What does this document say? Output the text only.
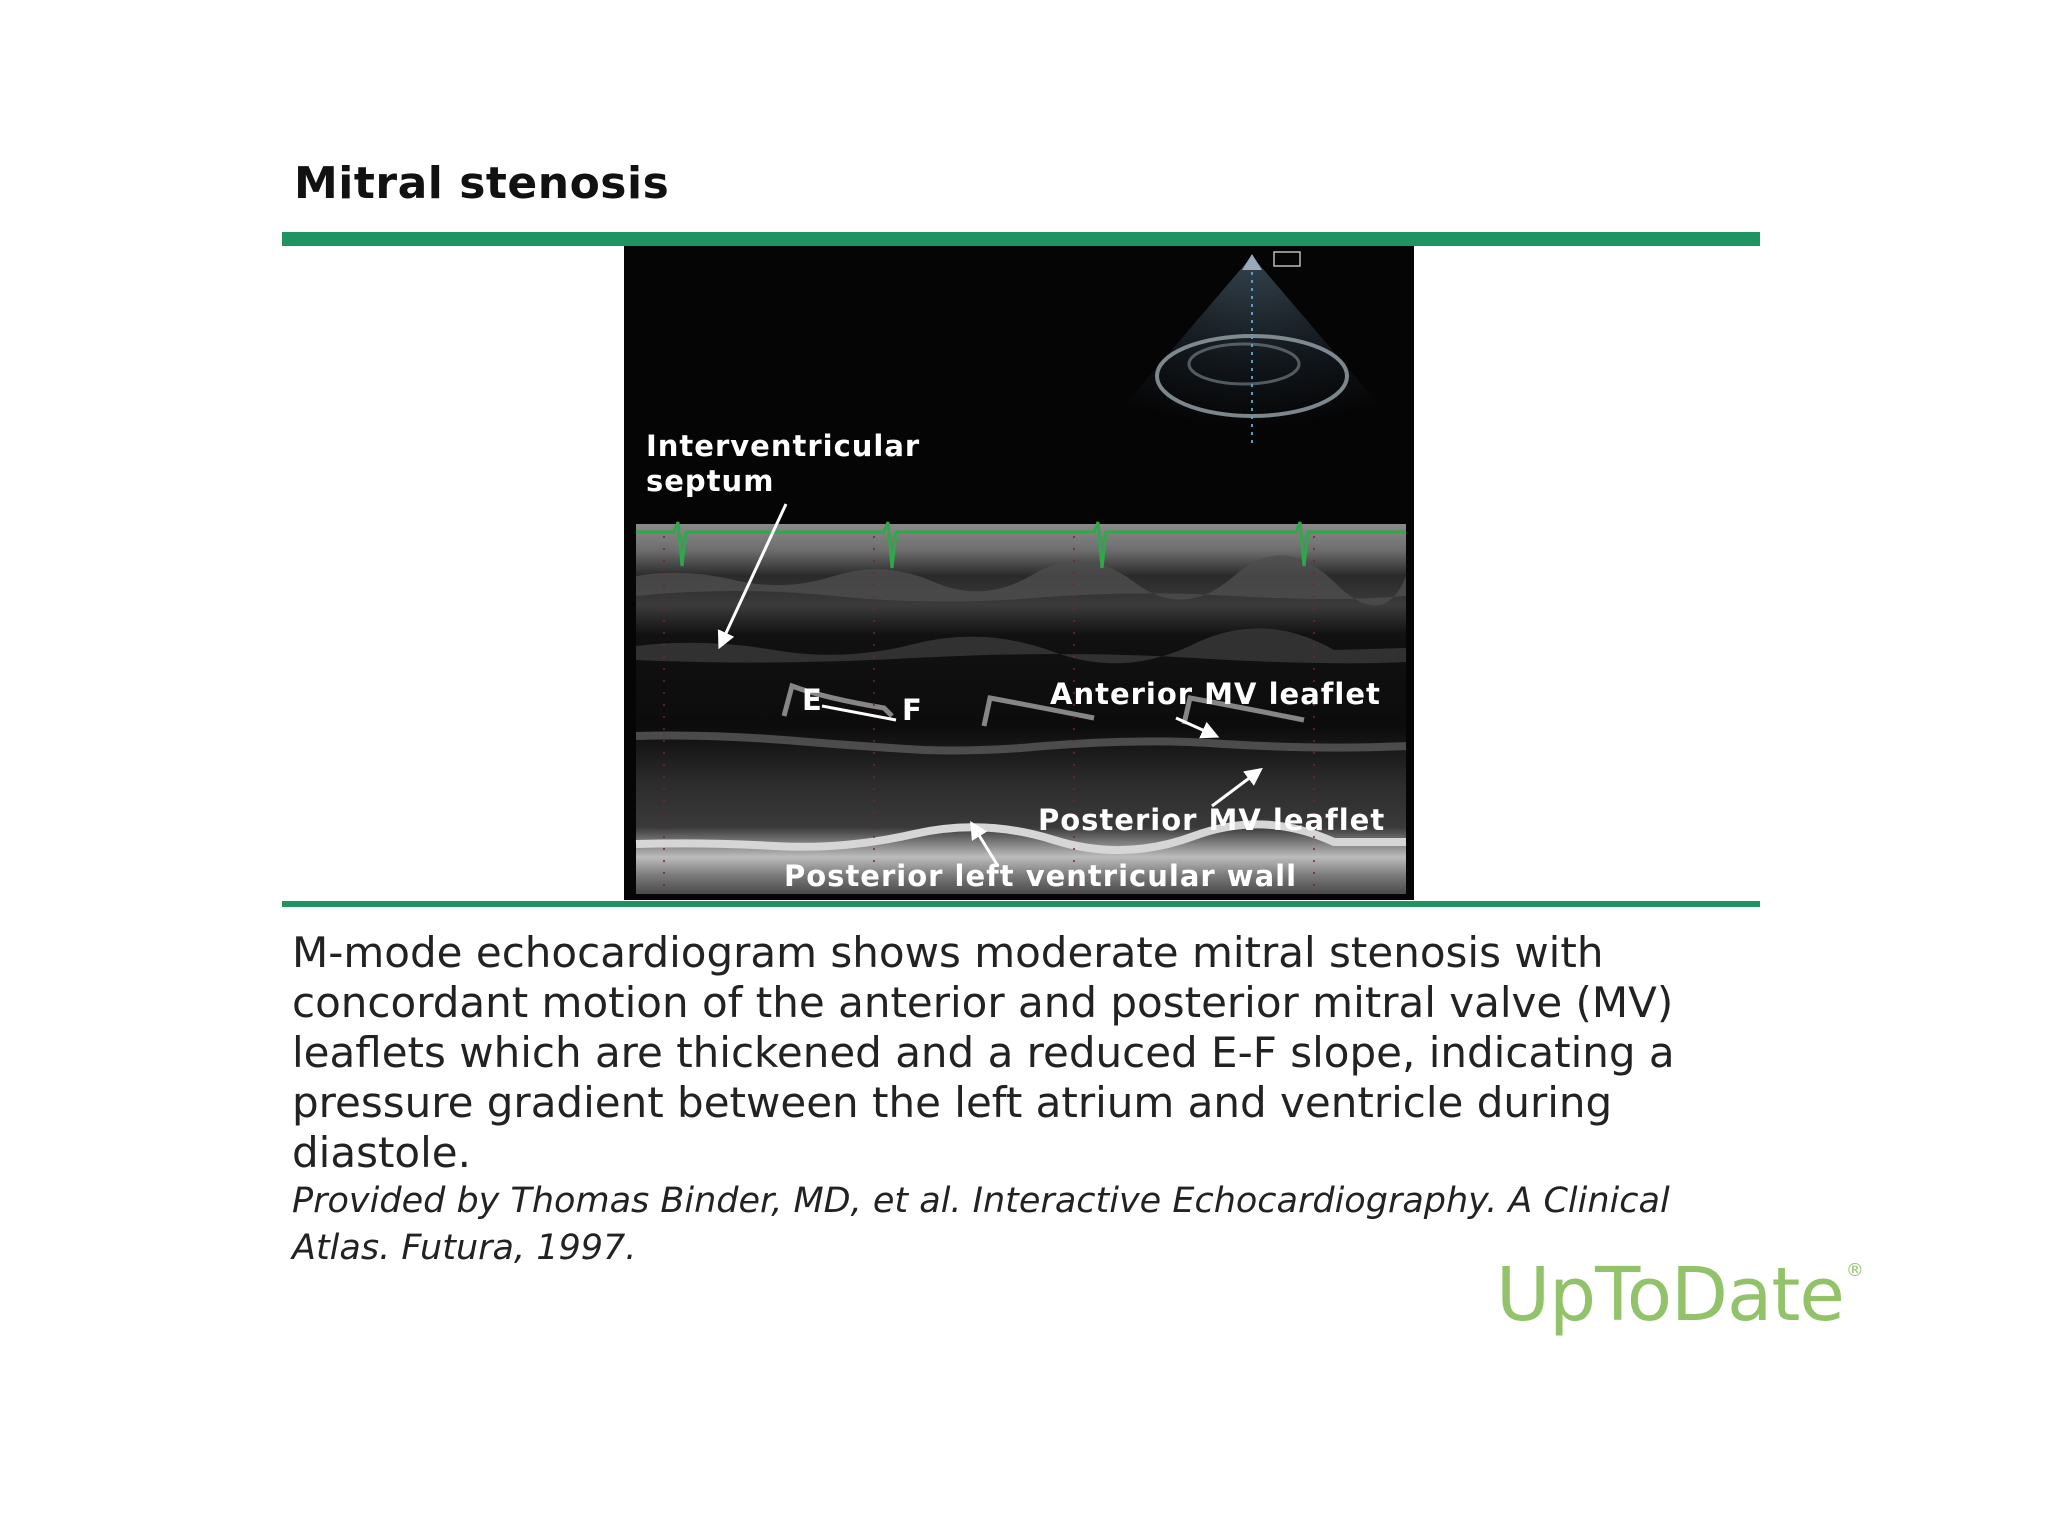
Mitral stenosis
Interventricular
septum
E	F	Anterior MV leaflet
Posterior MV leaflet
Posterior left ventricular wall

M-mode echocardiogram shows moderate mitral stenosis with concordant motion of the anterior and posterior mitral valve (MV) leaflets which are thickened and a reduced E-F slope, indicating a pressure gradient between the left atrium and ventricle during diastole.

Provided by Thomas Binder, MD, et al. Interactive Echocardiography. A Clinical Atlas. Futura, 1997.

UpToDate ®
